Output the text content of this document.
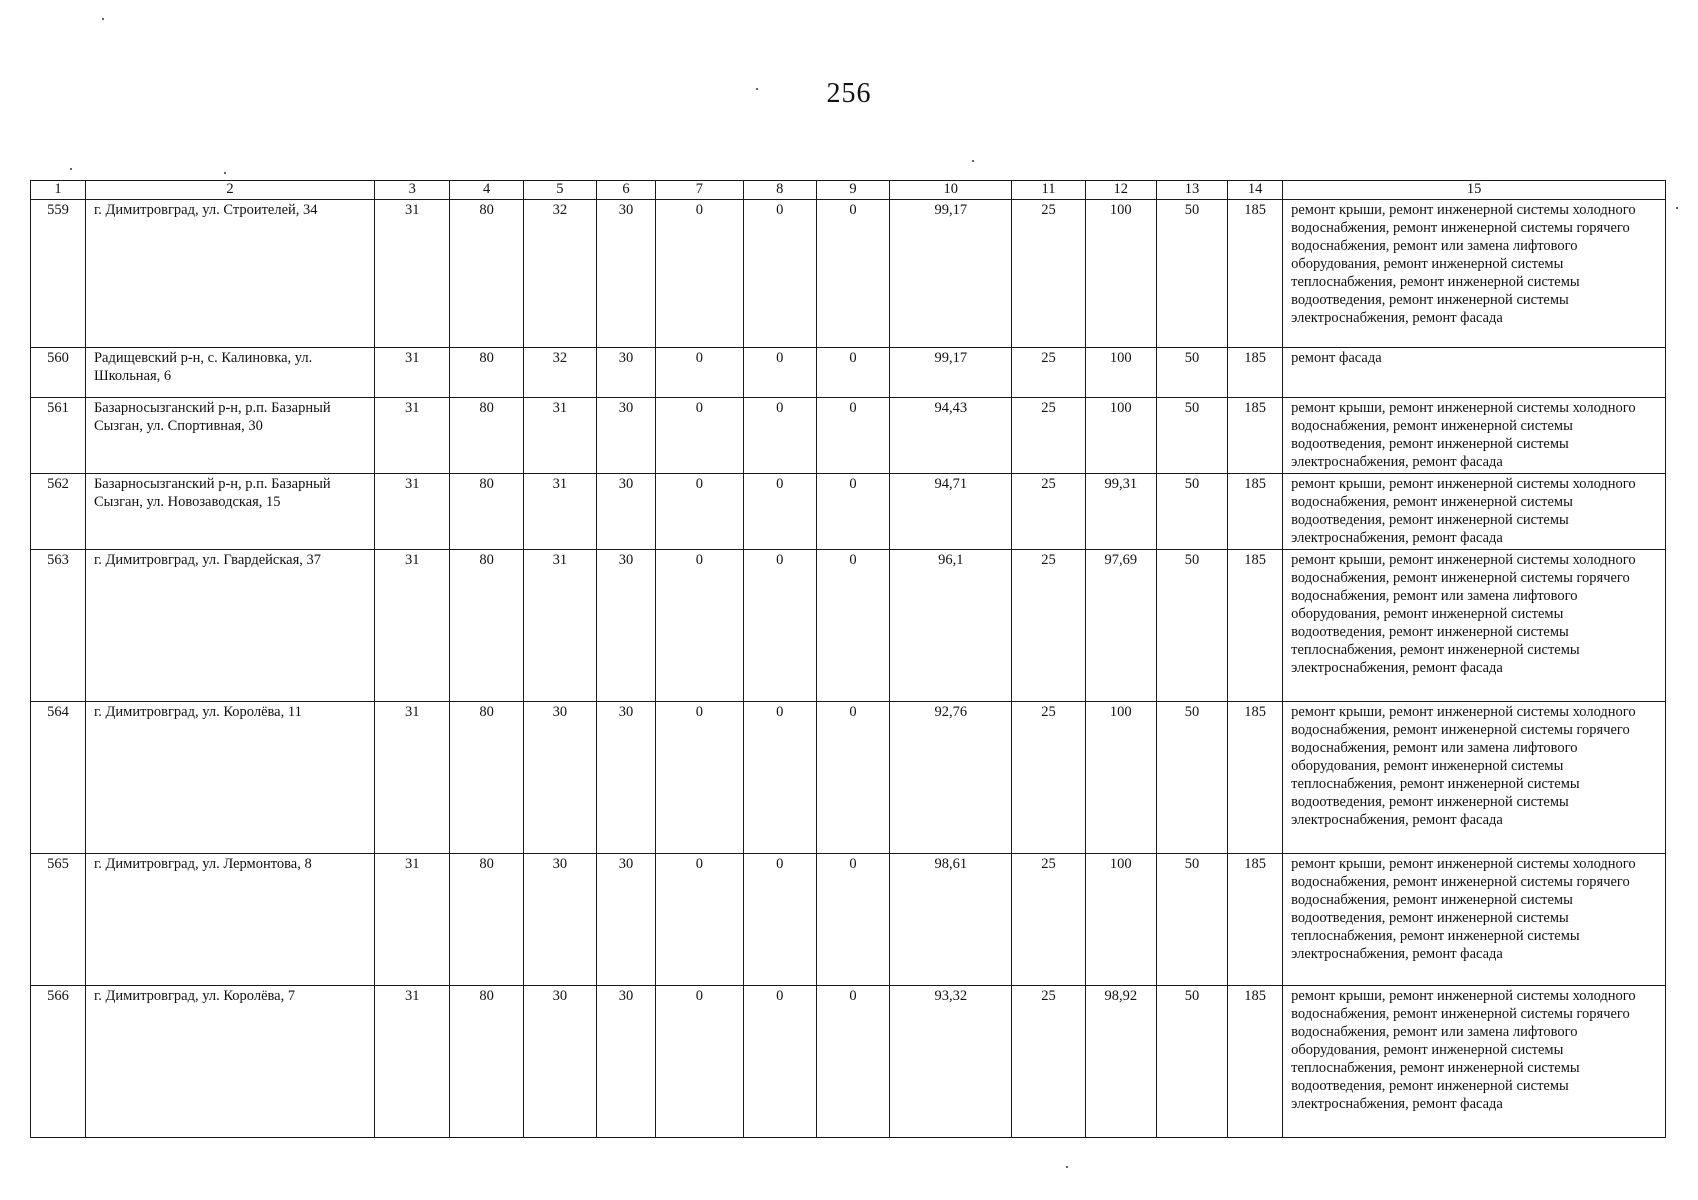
256
1	2	3	4	5	6	7	8	9	10	11	12	13	14	15
559	г. Димитровград, ул. Строителей, 34	31	80	32	30	0	0	0	99,17	25	100	50	185	ремонт крыши, ремонт инженерной системы холодного водоснабжения, ремонт инженерной системы горячего водоснабжения, ремонт или замена лифтового оборудования, ремонт инженерной системы теплоснабжения, ремонт инженерной системы водоотведения, ремонт инженерной системы электроснабжения, ремонт фасада
560	Радищевский р-н, с. Калиновка, ул. Школьная, 6	31	80	32	30	0	0	0	99,17	25	100	50	185	ремонт фасада
561	Базарносызганский р-н, р.п. Базарный Сызган, ул. Спортивная, 30	31	80	31	30	0	0	0	94,43	25	100	50	185	ремонт крыши, ремонт инженерной системы холодного водоснабжения, ремонт инженерной системы водоотведения, ремонт инженерной системы электроснабжения, ремонт фасада
562	Базарносызганский р-н, р.п. Базарный Сызган, ул. Новозаводская, 15	31	80	31	30	0	0	0	94,71	25	99,31	50	185	ремонт крыши, ремонт инженерной системы холодного водоснабжения, ремонт инженерной системы водоотведения, ремонт инженерной системы электроснабжения, ремонт фасада
563	г. Димитровград, ул. Гвардейская, 37	31	80	31	30	0	0	0	96,1	25	97,69	50	185	ремонт крыши, ремонт инженерной системы холодного водоснабжения, ремонт инженерной системы горячего водоснабжения, ремонт или замена лифтового оборудования, ремонт инженерной системы водоотведения, ремонт инженерной системы теплоснабжения, ремонт инженерной системы электроснабжения, ремонт фасада
564	г. Димитровград, ул. Королёва, 11	31	80	30	30	0	0	0	92,76	25	100	50	185	ремонт крыши, ремонт инженерной системы холодного водоснабжения, ремонт инженерной системы горячего водоснабжения, ремонт или замена лифтового оборудования, ремонт инженерной системы теплоснабжения, ремонт инженерной системы водоотведения, ремонт инженерной системы электроснабжения, ремонт фасада
565	г. Димитровград, ул. Лермонтова, 8	31	80	30	30	0	0	0	98,61	25	100	50	185	ремонт крыши, ремонт инженерной системы холодного водоснабжения, ремонт инженерной системы горячего водоснабжения, ремонт инженерной системы водоотведения, ремонт инженерной системы теплоснабжения, ремонт инженерной системы электроснабжения, ремонт фасада
566	г. Димитровград, ул. Королёва, 7	31	80	30	30	0	0	0	93,32	25	98,92	50	185	ремонт крыши, ремонт инженерной системы холодного водоснабжения, ремонт инженерной системы горячего водоснабжения, ремонт или замена лифтового оборудования, ремонт инженерной системы теплоснабжения, ремонт инженерной системы водоотведения, ремонт инженерной системы электроснабжения, ремонт фасада
